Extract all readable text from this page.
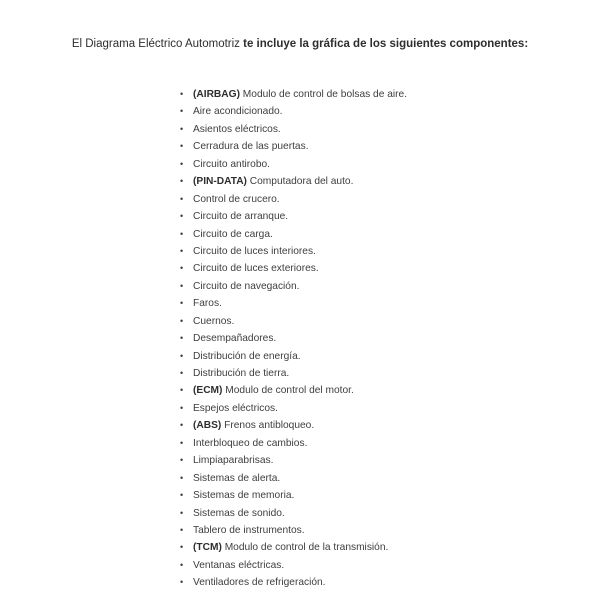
El Diagrama Eléctrico Automotriz te incluye la gráfica de los siguientes componentes:
• (AIRBAG) Modulo de control de bolsas de aire.
• Aire acondicionado.
• Asientos eléctricos.
• Cerradura de las puertas.
• Circuito antirobo.
• (PIN-DATA) Computadora del auto.
• Control de crucero.
• Circuito de arranque.
• Circuito de carga.
• Circuito de luces interiores.
• Circuito de luces exteriores.
• Circuito de navegación.
• Faros.
• Cuernos.
• Desempañadores.
• Distribución de energía.
• Distribución de tierra.
• (ECM) Modulo de control del motor.
• Espejos eléctricos.
• (ABS) Frenos antibloqueo.
• Interbloqueo de cambios.
• Limpiaparabrisas.
• Sistemas de alerta.
• Sistemas de memoria.
• Sistemas de sonido.
• Tablero de instrumentos.
• (TCM) Modulo de control de la transmisión.
• Ventanas eléctricas.
• Ventiladores de refrigeración.
